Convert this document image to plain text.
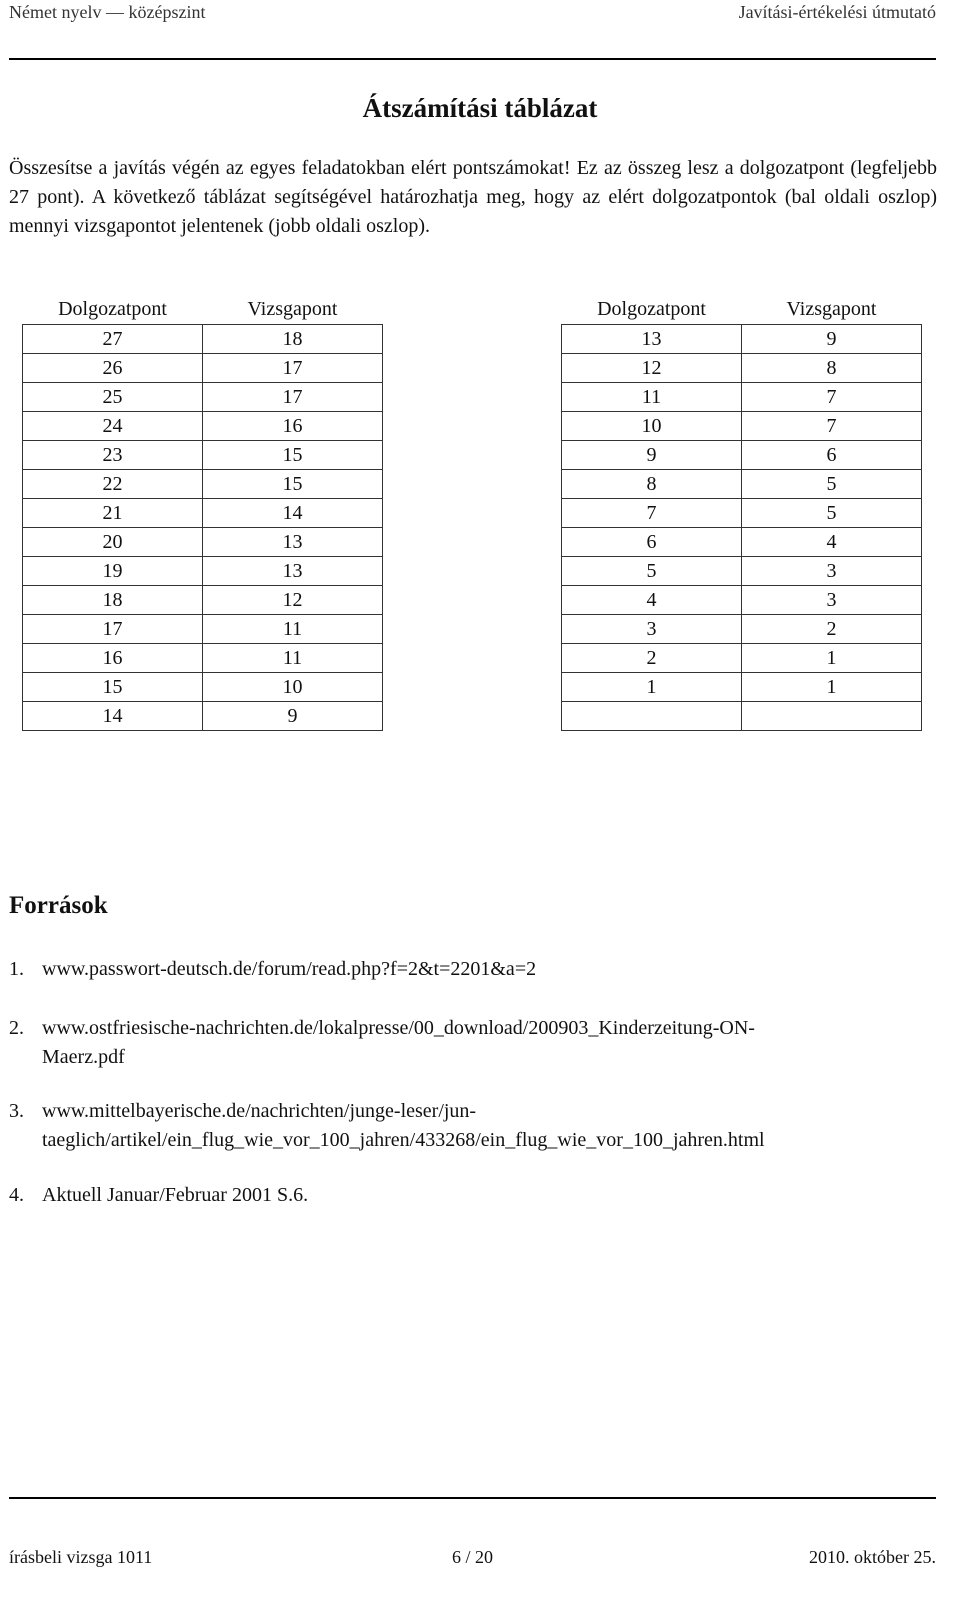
Német nyelv — középszint	Javítási-értékelési útmutató
Átszámítási táblázat
Összesítse a javítás végén az egyes feladatokban elért pontszámokat! Ez az összeg lesz a dolgozatpont (legfeljebb 27 pont). A következő táblázat segítségével határozhatja meg, hogy az elért dolgozatpontok (bal oldali oszlop) mennyi vizsgapontot jelentenek (jobb oldali oszlop).
Dolgozatpont	Vizsgapont
27	18
26	17
25	17
24	16
23	15
22	15
21	14
20	13
19	13
18	12
17	11
16	11
15	10
14	9
Dolgozatpont	Vizsgapont
13	9
12	8
11	7
10	7
9	6
8	5
7	5
6	4
5	3
4	3
3	2
2	1
1	1

Források
1. www.passwort-deutsch.de/forum/read.php?f=2&t=2201&a=2
2. www.ostfriesische-nachrichten.de/lokalpresse/00_download/200903_Kinderzeitung-ON-
Maerz.pdf
3. www.mittelbayerische.de/nachrichten/junge-leser/jun-
taeglich/artikel/ein_flug_wie_vor_100_jahren/433268/ein_flug_wie_vor_100_jahren.html
4. Aktuell Januar/Februar 2001 S.6.
írásbeli vizsga 1011	6 / 20	2010. október 25.
